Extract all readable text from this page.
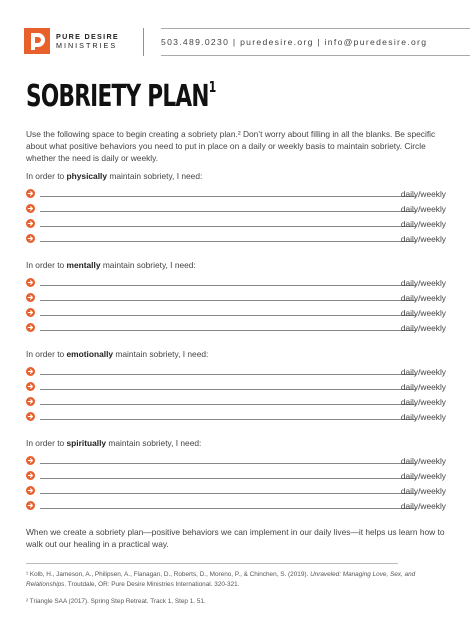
PURE DESIRE
MINISTRIES	503.489.0230 | puredesire.org | info@puredesire.org
SOBRIETY PLAN$^1$
Use the following space to begin creating a sobriety plan.² Don’t worry about filling in all the blanks. Be specific about what positive behaviors you need to put in place on a daily or weekly basis to maintain sobriety. Circle whether the need is daily or weekly.
In order to physically maintain sobriety, I need:
daily/weekly
daily/weekly
daily/weekly
daily/weekly
In order to mentally maintain sobriety, I need:
daily/weekly
daily/weekly
daily/weekly
daily/weekly
In order to emotionally maintain sobriety, I need:
daily/weekly
daily/weekly
daily/weekly
daily/weekly
In order to spiritually maintain sobriety, I need:
daily/weekly
daily/weekly
daily/weekly
daily/weekly
When we create a sobriety plan—positive behaviors we can implement in our daily lives—it helps us learn how to walk out our healing in a practical way.
¹ Kolb, H., Jameson, A., Philipsen, A., Flanagan, D., Roberts, D., Moreno, P., & Chinchen, S. (2019). Unraveled: Managing Love, Sex, and Relationships. Troutdale, OR: Pure Desire Ministries International. 320-321.
² Triangle SAA (2017). Spring Step Retreat. Track 1, Step 1. 51.
